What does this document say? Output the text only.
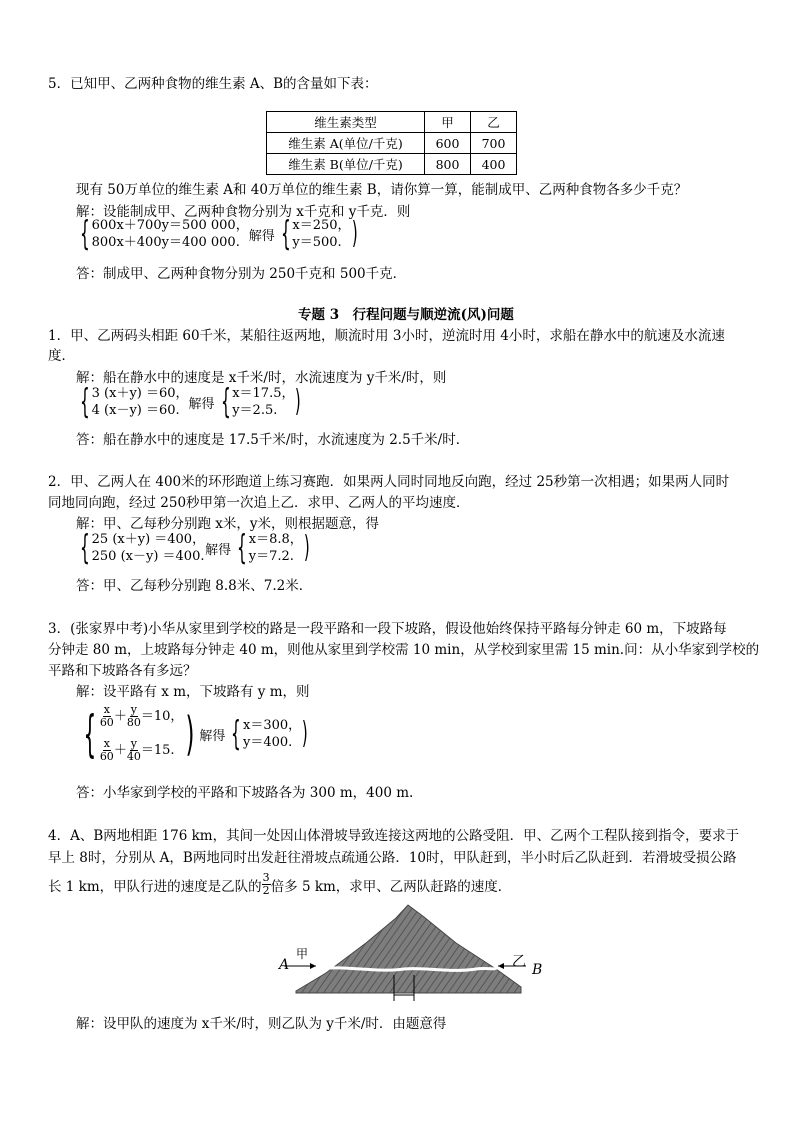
5．已知甲、乙两种食物的维生素 A、B的含量如下表：
维生素类型	甲	乙
维生素 A(单位/千克)	600	700
维生素 B(单位/千克)	800	400
现有 50万单位的维生素 A和 40万单位的维生素 B，请你算一算，能制成甲、乙两种食物各多少千克？
解：设能制成甲、乙两种食物分别为 x千克和 y千克．则
{ 600x＋700y＝500 000，
800x＋400y＝400 000. 解得 { x＝250，
y＝500. )
答：制成甲、乙两种食物分别为 250千克和 500千克．
专题 3　行程问题与顺逆流(风)问题
1．甲、乙两码头相距 60千米，某船往返两地，顺流时用 3小时，逆流时用 4小时，求船在静水中的航速及水流速
度．
解：船在静水中的速度是 x千米/时，水流速度为 y千米/时，则
{ 3 (x＋y) ＝60，
4 (x－y) ＝60. 解得 { x＝17.5，
y＝2.5. )
答：船在静水中的速度是 17.5千米/时，水流速度为 2.5千米/时．
2．甲、乙两人在 400米的环形跑道上练习赛跑．如果两人同时同地反向跑，经过 25秒第一次相遇；如果两人同时
同地同向跑，经过 250秒甲第一次追上乙．求甲、乙两人的平均速度．
解：甲、乙每秒分别跑 x米，y米，则根据题意，得
{ 25 (x＋y) ＝400，
250 (x－y) ＝400. 解得 { x＝8.8，
y＝7.2. )
答：甲、乙每秒分别跑 8.8米、7.2米．
3．(张家界中考)小华从家里到学校的路是一段平路和一段下坡路，假设他始终保持平路每分钟走 60 m，下坡路每
分钟走 80 m，上坡路每分钟走 40 m，则他从家里到学校需 10 min，从学校到家里需 15 min.问：从小华家到学校的
平路和下坡路各有多远？
解：设平路有 x m，下坡路有 y m，则
{ $\frac{x}{60} + \frac{y}{80} =10$，
$\frac{x}{60} + \frac{y}{40} =15$. ) 解得 { x＝300，
y＝400. )
答：小华家到学校的平路和下坡路各为 300 m，400 m.
4．A、B两地相距 176 km，其间一处因山体滑坡导致连接这两地的公路受阻．甲、乙两个工程队接到指令，要求于
早上 8时，分别从 A，B两地同时出发赶往滑坡点疏通公路．10时，甲队赶到，半小时后乙队赶到．若滑坡受损公路
长 1 km，甲队行进的速度是乙队的 $\frac{3}{2}$ 倍多 5 km，求甲、乙两队赶路的速度．
A
甲	乙 B
解：设甲队的速度为 x千米/时，则乙队为 y千米/时．由题意得
